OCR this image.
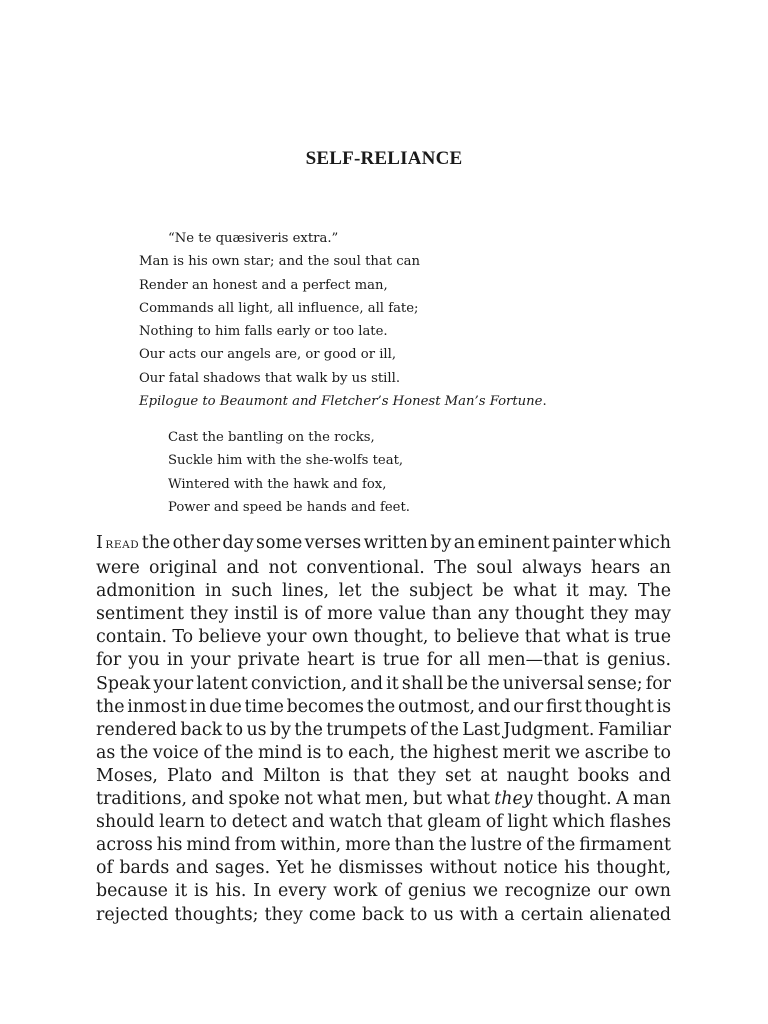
SELF-RELIANCE
“Ne te quæsiveris extra.”
Man is his own star; and the soul that can
Render an honest and a perfect man,
Commands all light, all influence, all fate;
Nothing to him falls early or too late.
Our acts our angels are, or good or ill,
Our fatal shadows that walk by us still.
Epilogue to Beaumont and Fletcher’s Honest Man’s Fortune.
Cast the bantling on the rocks,
Suckle him with the she-wolfs teat,
Wintered with the hawk and fox,
Power and speed be hands and feet.
I READ the other day some verses written by an eminent painter which
were original and not conventional. The soul always hears an
admonition in such lines, let the subject be what it may. The
sentiment they instil is of more value than any thought they may
contain. To believe your own thought, to believe that what is true
for you in your private heart is true for all men—that is genius.
Speak your latent conviction, and it shall be the universal sense; for
the inmost in due time becomes the outmost, and our first thought is
rendered back to us by the trumpets of the Last Judgment. Familiar
as the voice of the mind is to each, the highest merit we ascribe to
Moses, Plato and Milton is that they set at naught books and
traditions, and spoke not what men, but what they thought. A man
should learn to detect and watch that gleam of light which flashes
across his mind from within, more than the lustre of the firmament
of bards and sages. Yet he dismisses without notice his thought,
because it is his. In every work of genius we recognize our own
rejected thoughts; they come back to us with a certain alienated
